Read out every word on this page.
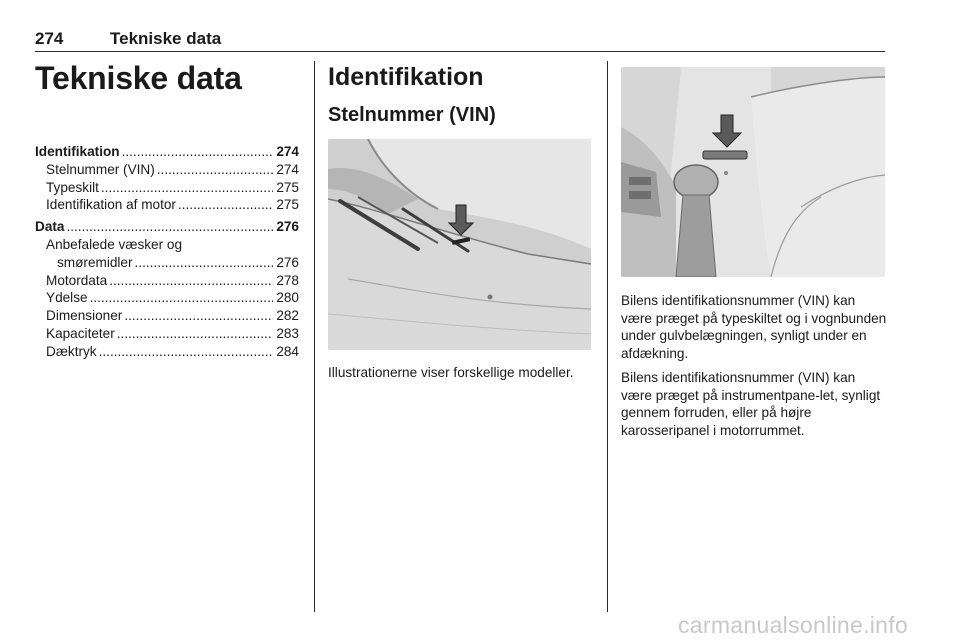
274	Tekniske data
Tekniske data
Identifikation .....	274
Stelnummer (VIN) .....	274
Typeskilt .....	275
Identifikation af motor .....	275
Data .....	276
Anbefalede væsker og
smøremidler .....	276
Motordata .....	278
Ydelse .....	280
Dimensioner .....	282
Kapaciteter .....	283
Dæktryk .....	284
Identifikation
Stelnummer (VIN)
Illustrationerne viser forskellige modeller.
Bilens identifikationsnummer (VIN) kan være præget på typeskiltet og i vognbunden under gulvbelægningen, synligt under en afdækning.
Bilens identifikationsnummer (VIN) kan være præget på instrumentpane-let, synligt gennem forruden, eller på højre karosseripanel i motorrummet.
carmanualsonline.info
